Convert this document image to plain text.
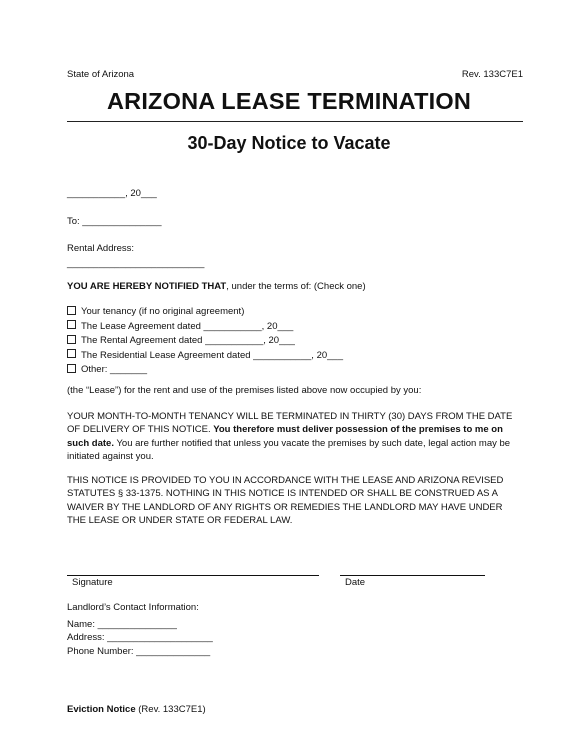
State of Arizona	Rev. 133C7E1
ARIZONA LEASE TERMINATION
30-Day Notice to Vacate
___________, 20___
To: _______________
Rental Address:
__________________________
YOU ARE HEREBY NOTIFIED THAT, under the terms of: (Check one)
Your tenancy (if no original agreement)
The Lease Agreement dated ___________, 20___
The Rental Agreement dated ___________, 20___
The Residential Lease Agreement dated ___________, 20___
Other: _______
(the “Lease”) for the rent and use of the premises listed above now occupied by you:
YOUR MONTH-TO-MONTH TENANCY WILL BE TERMINATED IN THIRTY (30) DAYS FROM THE DATE OF DELIVERY OF THIS NOTICE. You therefore must deliver possession of the premises to me on such date. You are further notified that unless you vacate the premises by such date, legal action may be initiated against you.
THIS NOTICE IS PROVIDED TO YOU IN ACCORDANCE WITH THE LEASE AND ARIZONA REVISED STATUTES § 33-1375. NOTHING IN THIS NOTICE IS INTENDED OR SHALL BE CONSTRUED AS A WAIVER BY THE LANDLORD OF ANY RIGHTS OR REMEDIES THE LANDLORD MAY HAVE UNDER THE LEASE OR UNDER STATE OR FEDERAL LAW.
Signature	Date
Landlord’s Contact Information:
Name: _______________
Address: ____________________
Phone Number: ______________
Eviction Notice (Rev. 133C7E1)
